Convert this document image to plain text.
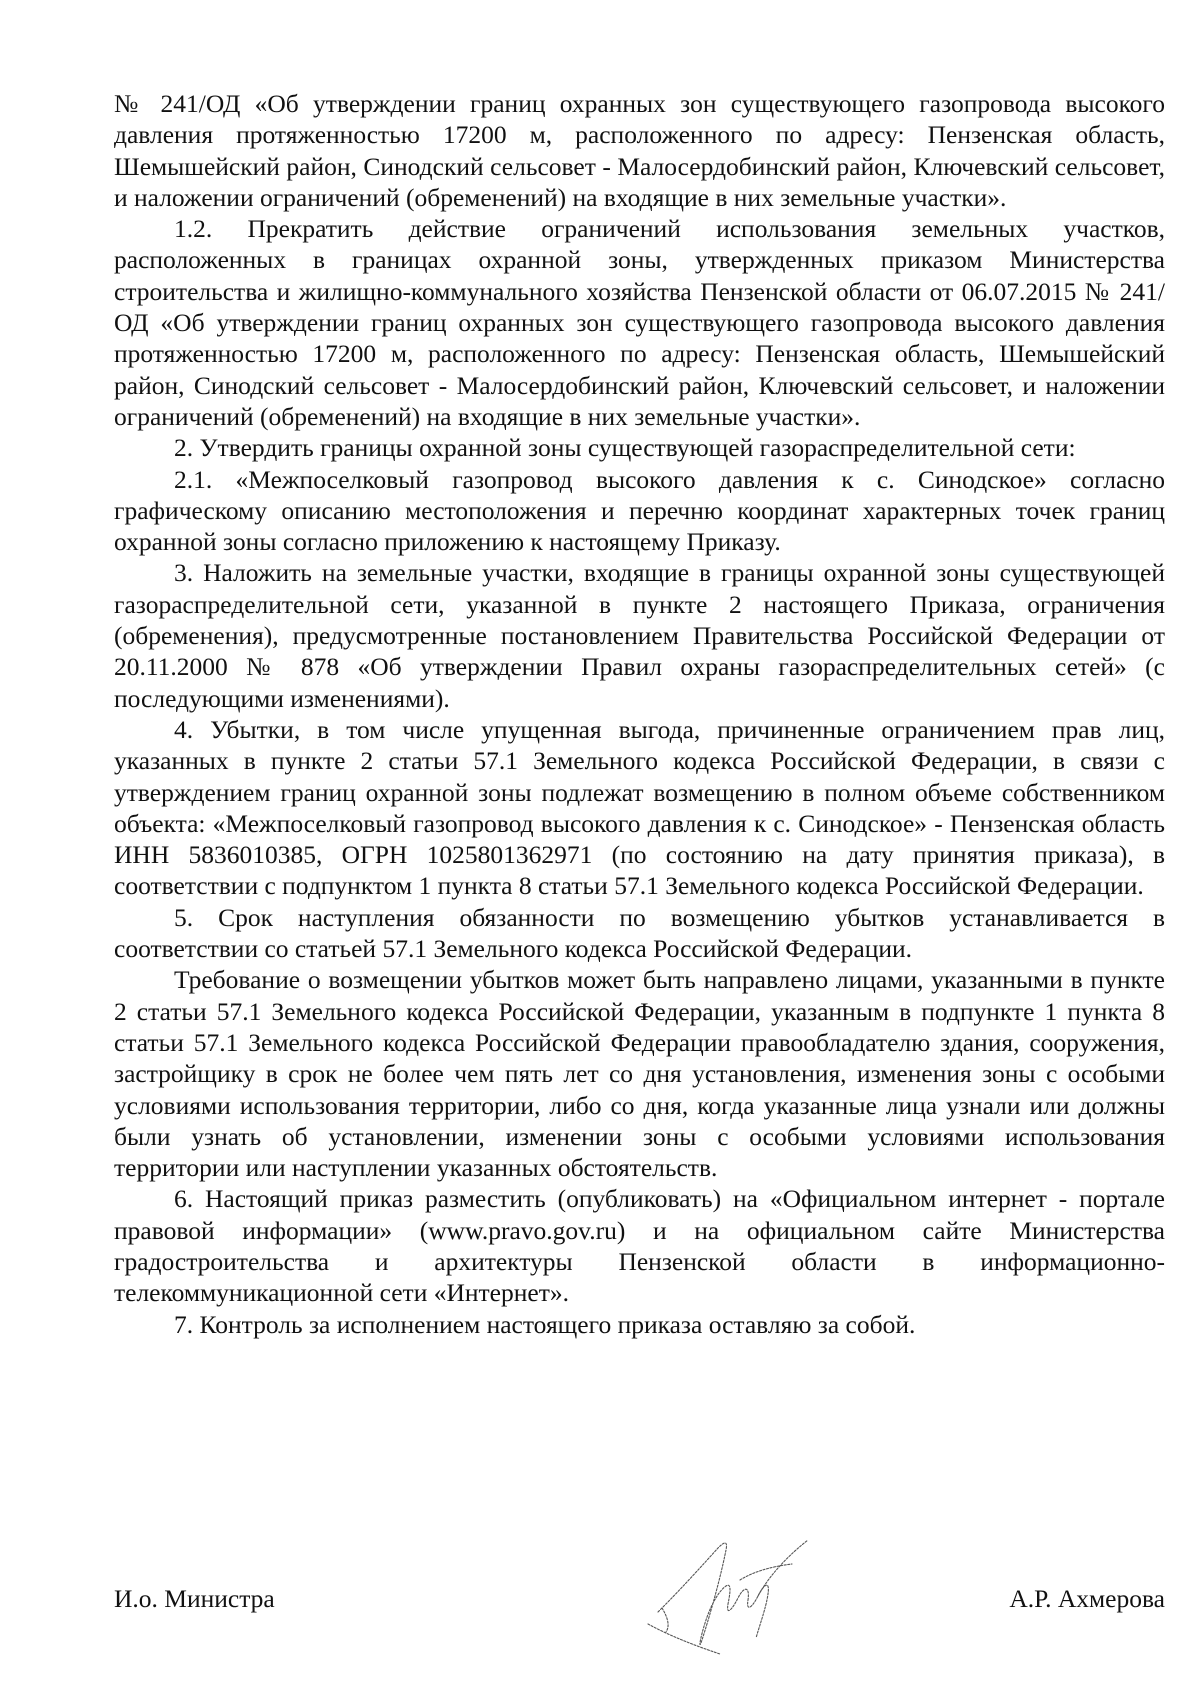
№ 241/ОД «Об утверждении границ охранных зон существующего газопровода высокого давления протяженностью 17200 м, расположенного по адресу: Пензенская область, Шемышейский район, Синодский сельсовет - Малосердобинский район, Ключевский сельсовет, и наложении ограничений (обременений) на входящие в них земельные участки».

1.2. Прекратить действие ограничений использования земельных участков, расположенных в границах охранной зоны, утвержденных приказом Министерства строительства и жилищно-коммунального хозяйства Пензенской области от 06.07.2015 № 241/ОД «Об утверждении границ охранных зон существующего газопровода высокого давления протяженностью 17200 м, расположенного по адресу: Пензенская область, Шемышейский район, Синодский сельсовет - Малосердобинский район, Ключевский сельсовет, и наложении ограничений (обременений) на входящие в них земельные участки».

2. Утвердить границы охранной зоны существующей газораспределительной сети:

2.1. «Межпоселковый газопровод высокого давления к с. Синодское» согласно графическому описанию местоположения и перечню координат характерных точек границ охранной зоны согласно приложению к настоящему Приказу.

3. Наложить на земельные участки, входящие в границы охранной зоны существующей газораспределительной сети, указанной в пункте 2 настоящего Приказа, ограничения (обременения), предусмотренные постановлением Правительства Российской Федерации от 20.11.2000 № 878 «Об утверждении Правил охраны газораспределительных сетей» (с последующими изменениями).

4. Убытки, в том числе упущенная выгода, причиненные ограничением прав лиц, указанных в пункте 2 статьи 57.1 Земельного кодекса Российской Федерации, в связи с утверждением границ охранной зоны подлежат возмещению в полном объеме собственником объекта: «Межпоселковый газопровод высокого давления к с. Синодское» - Пензенская область ИНН 5836010385, ОГРН 1025801362971 (по состоянию на дату принятия приказа), в соответствии с подпунктом 1 пункта 8 статьи 57.1 Земельного кодекса Российской Федерации.

5. Срок наступления обязанности по возмещению убытков устанавливается в соответствии со статьей 57.1 Земельного кодекса Российской Федерации.

Требование о возмещении убытков может быть направлено лицами, указанными в пункте 2 статьи 57.1 Земельного кодекса Российской Федерации, указанным в подпункте 1 пункта 8 статьи 57.1 Земельного кодекса Российской Федерации правообладателю здания, сооружения, застройщику в срок не более чем пять лет со дня установления, изменения зоны с особыми условиями использования территории, либо со дня, когда указанные лица узнали или должны были узнать об установлении, изменении зоны с особыми условиями использования территории или наступлении указанных обстоятельств.

6. Настоящий приказ разместить (опубликовать) на «Официальном интернет - портале правовой информации» (www.pravo.gov.ru) и на официальном сайте Министерства градостроительства и архитектуры Пензенской области в информационно-телекоммуникационной сети «Интернет».

7. Контроль за исполнением настоящего приказа оставляю за собой.

И.о. Министра	А.Р. Ахмерова
